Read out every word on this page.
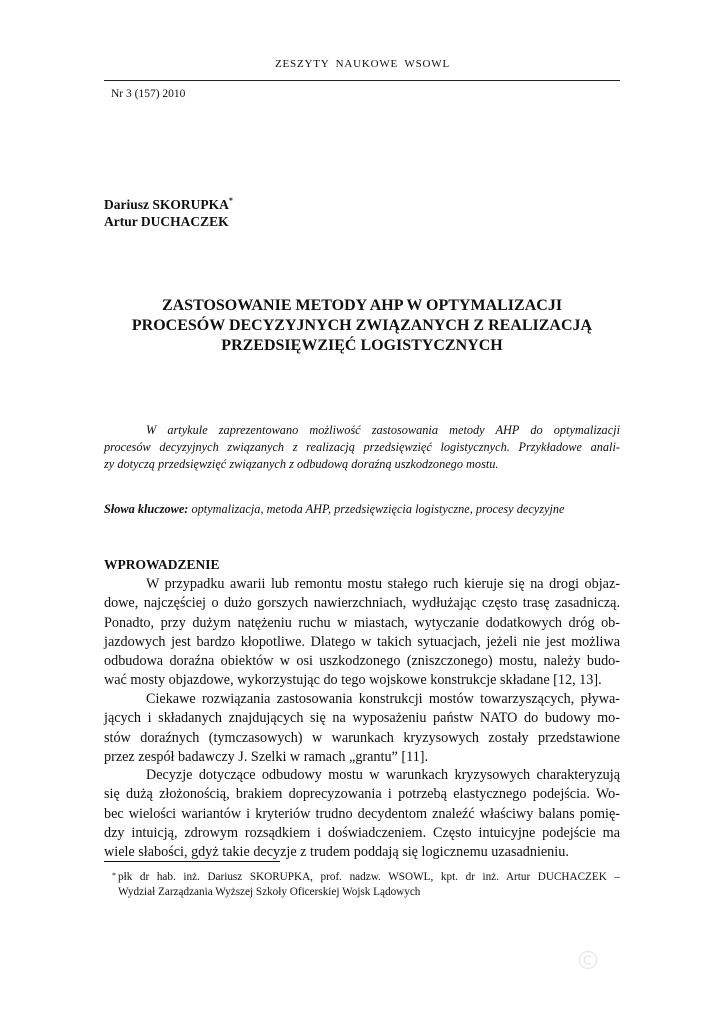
ZESZYTY NAUKOWE WSOWL
Nr 3 (157) 2010
Dariusz SKORUPKA*
Artur DUCHACZEK
ZASTOSOWANIE METODY AHP W OPTYMALIZACJI
PROCESÓW DECYZYJNYCH ZWIĄZANYCH Z REALIZACJĄ
PRZEDSIĘWZIĘĆ LOGISTYCZNYCH
W artykule zaprezentowano możliwość zastosowania metody AHP do optymalizacji
procesów decyzyjnych związanych z realizacją przedsięwzięć logistycznych. Przykładowe anali-
zy dotyczą przedsięwzięć związanych z odbudową doraźną uszkodzonego mostu.
Słowa kluczowe: optymalizacja, metoda AHP, przedsięwzięcia logistyczne, procesy decyzyjne
WPROWADZENIE
W przypadku awarii lub remontu mostu stałego ruch kieruje się na drogi objaz-
dowe, najczęściej o dużo gorszych nawierzchniach, wydłużając często trasę zasadniczą.
Ponadto, przy dużym natężeniu ruchu w miastach, wytyczanie dodatkowych dróg ob-
jazdowych jest bardzo kłopotliwe. Dlatego w takich sytuacjach, jeżeli nie jest możliwa
odbudowa doraźna obiektów w osi uszkodzonego (zniszczonego) mostu, należy budo-
wać mosty objazdowe, wykorzystując do tego wojskowe konstrukcje składane [12, 13].
Ciekawe rozwiązania zastosowania konstrukcji mostów towarzyszących, pływa-
jących i składanych znajdujących się na wyposażeniu państw NATO do budowy mo-
stów doraźnych (tymczasowych) w warunkach kryzysowych zostały przedstawione
przez zespół badawczy J. Szelki w ramach „grantu” [11].
Decyzje dotyczące odbudowy mostu w warunkach kryzysowych charakteryzują
się dużą złożonością, brakiem doprecyzowania i potrzebą elastycznego podejścia. Wo-
bec wielości wariantów i kryteriów trudno decydentom znaleźć właściwy balans pomię-
dzy intuicją, zdrowym rozsądkiem i doświadczeniem. Często intuicyjne podejście ma
wiele słabości, gdyż takie decyzje z trudem poddają się logicznemu uzasadnieniu.
* płk dr hab. inż. Dariusz SKORUPKA, prof. nadzw. WSOWL, kpt. dr inż. Artur DUCHACZEK –
Wydział Zarządzania Wyższej Szkoły Oficerskiej Wojsk Lądowych
